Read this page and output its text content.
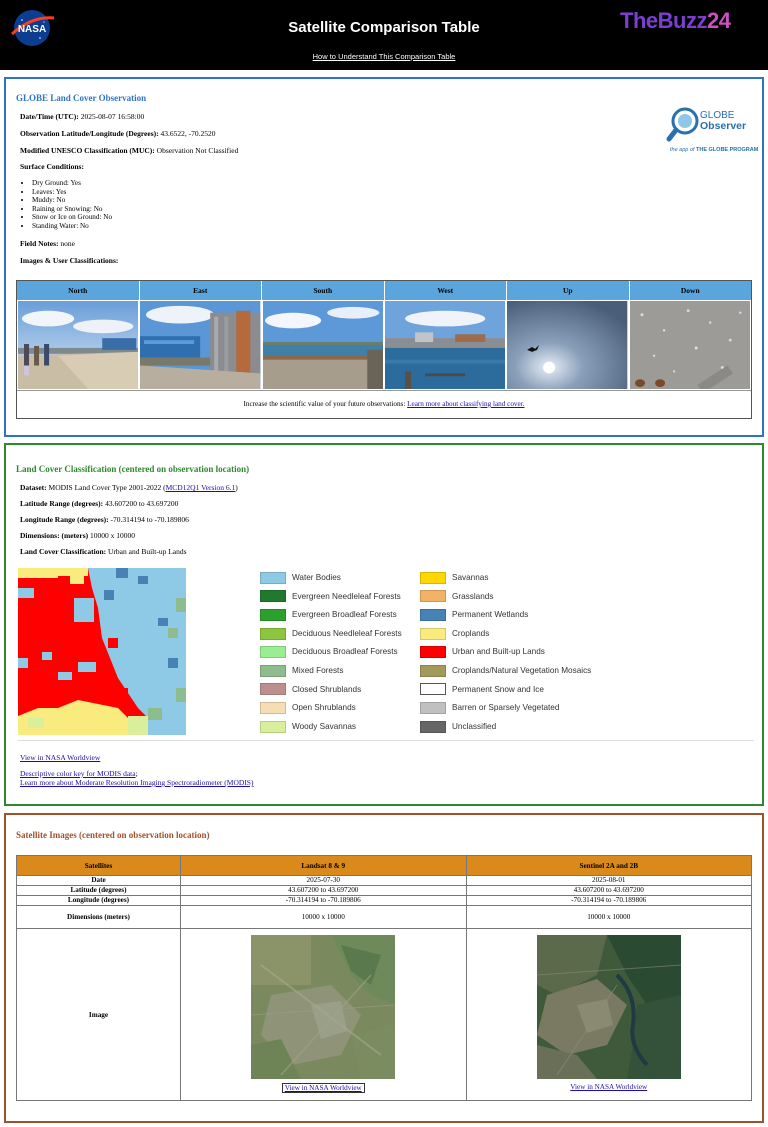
NASA	Satellite Comparison Table
How to Understand This Comparison Table
TheBuzz24
GLOBE Land Cover Observation
Date/Time (UTC): 2025-08-07 16:58:00
Observation Latitude/Longitude (Degrees): 43.6522, -70.2520
Modified UNESCO Classification (MUC): Observation Not Classified
Surface Conditions:
• Dry Ground: Yes
• Leaves: Yes
• Muddy: No
• Raining or Snowing: No
• Snow or Ice on Ground: No
• Standing Water: No
Field Notes: none
Images & User Classifications:
GLOBE
Observer
the app of THE GLOBE PROGRAM
North	East	South	West	Up	Down
Increase the scientific value of your future observations: Learn more about classifying land cover.
Land Cover Classification (centered on observation location)
Dataset: MODIS Land Cover Type 2001-2022 (MCD12Q1 Version 6.1)
Latitude Range (degrees): 43.607200 to 43.697200
Longitude Range (degrees): -70.314194 to -70.189806
Dimensions: (meters) 10000 x 10000
Land Cover Classification: Urban and Built-up Lands
Water Bodies
Evergreen Needleleaf Forests
Evergreen Broadleaf Forests
Deciduous Needleleaf Forests
Deciduous Broadleaf Forests
Mixed Forests
Closed Shrublands
Open Shrublands
Woody Savannas
Savannas
Grasslands
Permanent Wetlands
Croplands
Urban and Built-up Lands
Croplands/Natural Vegetation Mosaics
Permanent Snow and Ice
Barren or Sparsely Vegetated
Unclassified
View in NASA Worldview
Descriptive color key for MODIS data;
Learn more about Moderate Resolution Imaging Spectroradiometer (MODIS)
Satellite Images (centered on observation location)
Satellites	Landsat 8 & 9	Sentinel 2A and 2B
Date	2025-07-30	2025-08-01
Latitude (degrees)	43.607200 to 43.697200	43.607200 to 43.697200
Longitude (degrees)	-70.314194 to -70.189806	-70.314194 to -70.189806
Dimensions (meters)	10000 x 10000	10000 x 10000
Image	View in NASA Worldview	View in NASA Worldview
